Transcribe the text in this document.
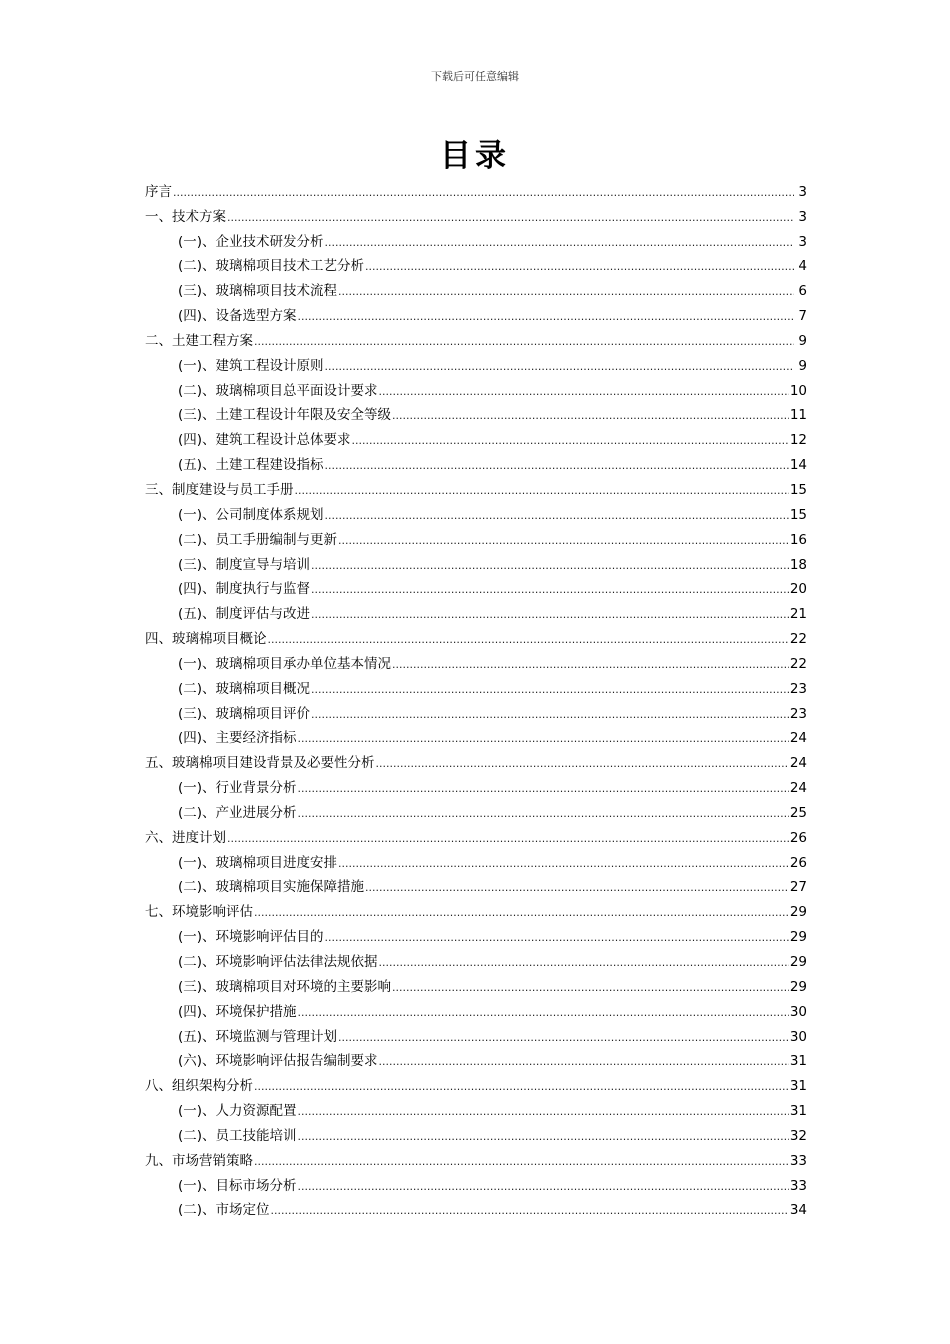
下载后可任意编辑
目录
序言 .....	3
一、技术方案 .....	3
(一)、企业技术研发分析 .....	3
(二)、玻璃棉项目技术工艺分析 .....	4
(三)、玻璃棉项目技术流程 .....	6
(四)、设备选型方案 .....	7
二、土建工程方案 .....	9
(一)、建筑工程设计原则 .....	9
(二)、玻璃棉项目总平面设计要求 .....	10
(三)、土建工程设计年限及安全等级 .....	11
(四)、建筑工程设计总体要求 .....	12
(五)、土建工程建设指标 .....	14
三、制度建设与员工手册 .....	15
(一)、公司制度体系规划 .....	15
(二)、员工手册编制与更新 .....	16
(三)、制度宣导与培训 .....	18
(四)、制度执行与监督 .....	20
(五)、制度评估与改进 .....	21
四、玻璃棉项目概论 .....	22
(一)、玻璃棉项目承办单位基本情况 .....	22
(二)、玻璃棉项目概况 .....	23
(三)、玻璃棉项目评价 .....	23
(四)、主要经济指标 .....	24
五、玻璃棉项目建设背景及必要性分析 .....	24
(一)、行业背景分析 .....	24
(二)、产业进展分析 .....	25
六、进度计划 .....	26
(一)、玻璃棉项目进度安排 .....	26
(二)、玻璃棉项目实施保障措施 .....	27
七、环境影响评估 .....	29
(一)、环境影响评估目的 .....	29
(二)、环境影响评估法律法规依据 .....	29
(三)、玻璃棉项目对环境的主要影响 .....	29
(四)、环境保护措施 .....	30
(五)、环境监测与管理计划 .....	30
(六)、环境影响评估报告编制要求 .....	31
八、组织架构分析 .....	31
(一)、人力资源配置 .....	31
(二)、员工技能培训 .....	32
九、市场营销策略 .....	33
(一)、目标市场分析 .....	33
(二)、市场定位 .....	34
